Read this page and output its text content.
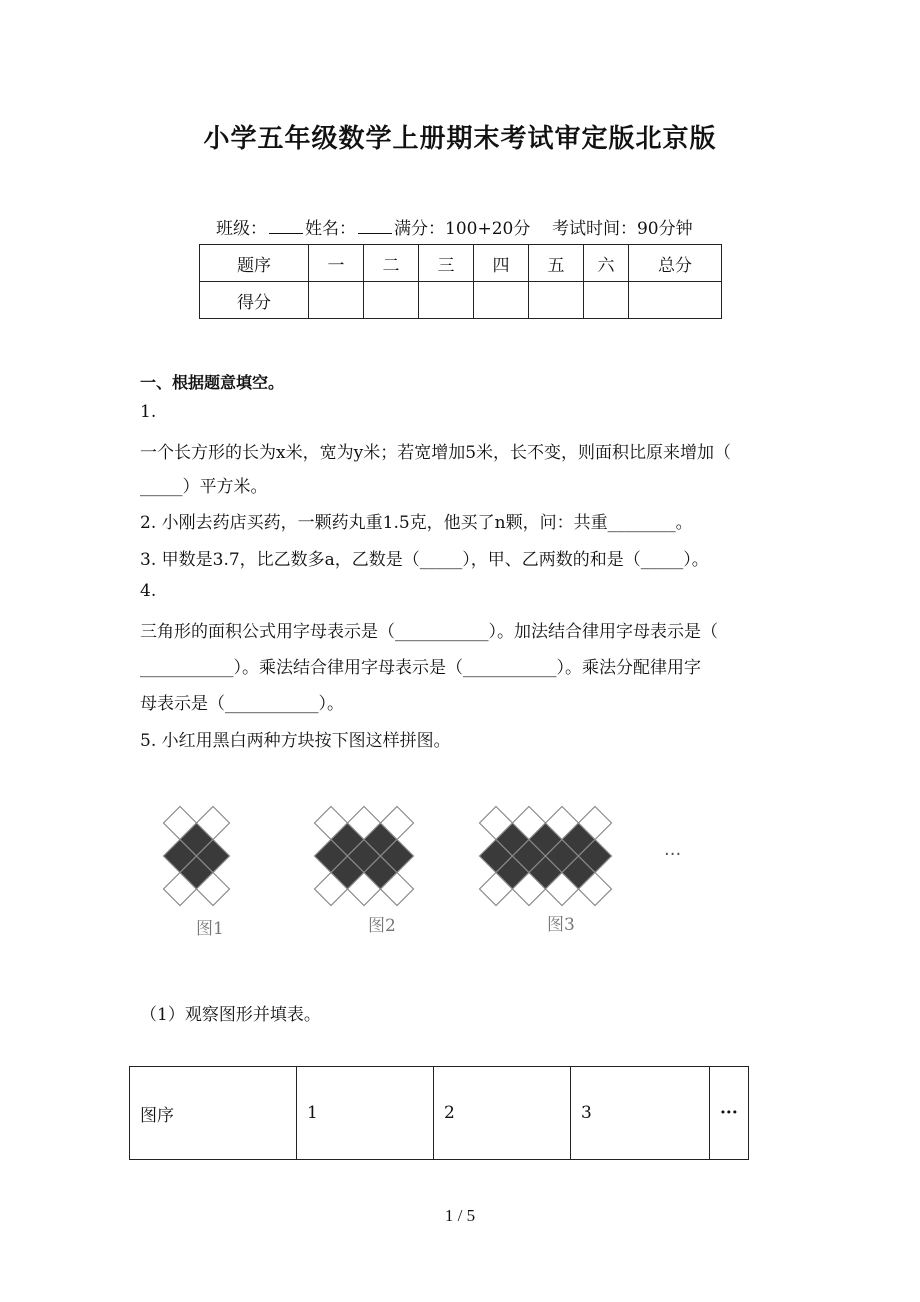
小学五年级数学上册期末考试审定版北京版
班级： 姓名： 满分：100+20分 考试时间：90分钟
题序	一	二	三	四	五	六	总分
得分							
一、根据题意填空。
1.
一个长方形的长为x米，宽为y米；若宽增加5米，长不变，则面积比原来增加（
_____）平方米。
2. 小刚去药店买药，一颗药丸重1.5克，他买了n颗，问：共重________。
3. 甲数是3.7，比乙数多a，乙数是（_____），甲、乙两数的和是（_____）。
4.
三角形的面积公式用字母表示是（___________）。加法结合律用字母表示是（
___________）。乘法结合律用字母表示是（___________）。乘法分配律用字
母表示是（___________）。
5. 小红用黑白两种方块按下图这样拼图。
图1	图2	图3
···
（1）观察图形并填表。
图序	1	2	3	···
1 / 5
